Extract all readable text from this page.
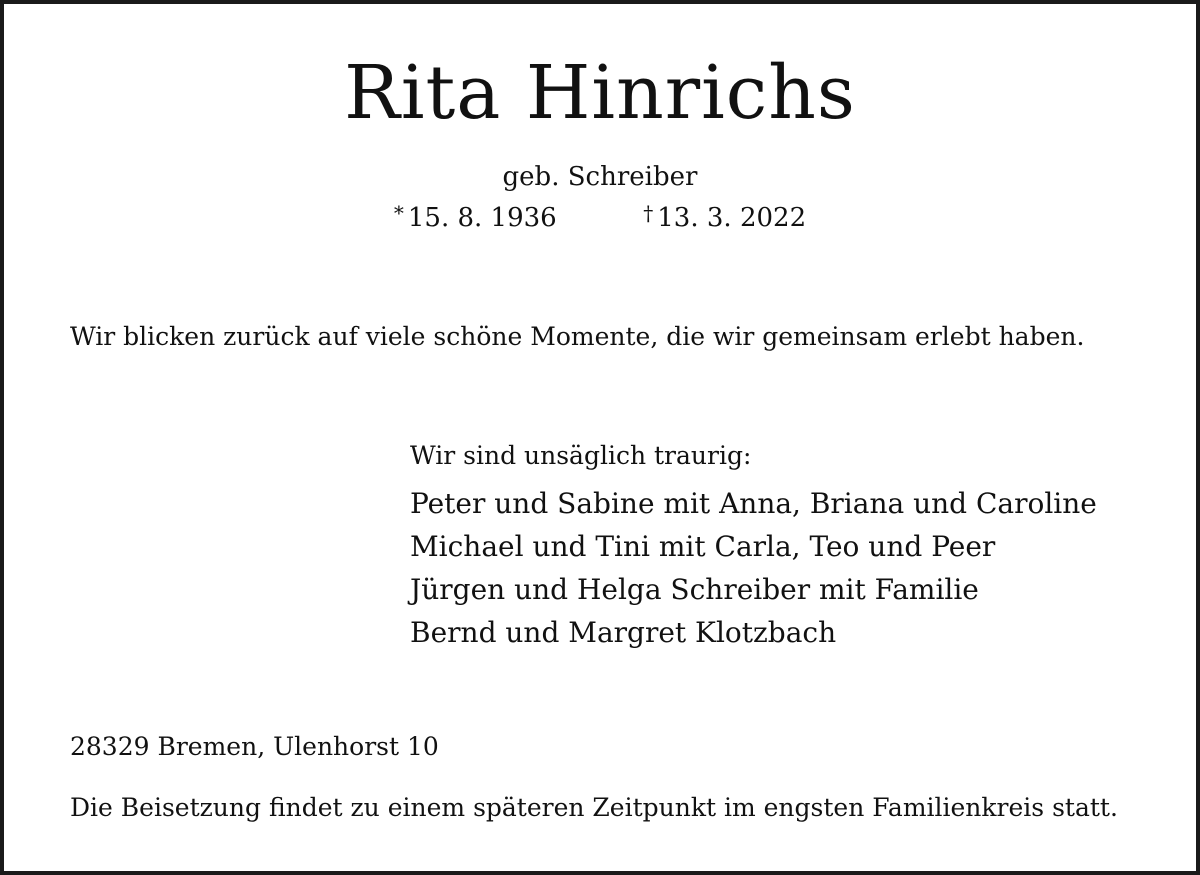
Rita Hinrichs
geb. Schreiber
* 15. 8. 1936	† 13. 3. 2022
Wir blicken zurück auf viele schöne Momente, die wir gemeinsam erlebt haben.
Wir sind unsäglich traurig:
Peter und Sabine mit Anna, Briana und Caroline
Michael und Tini mit Carla, Teo und Peer
Jürgen und Helga Schreiber mit Familie
Bernd und Margret Klotzbach
28329 Bremen, Ulenhorst 10
Die Beisetzung findet zu einem späteren Zeitpunkt im engsten Familienkreis statt.
